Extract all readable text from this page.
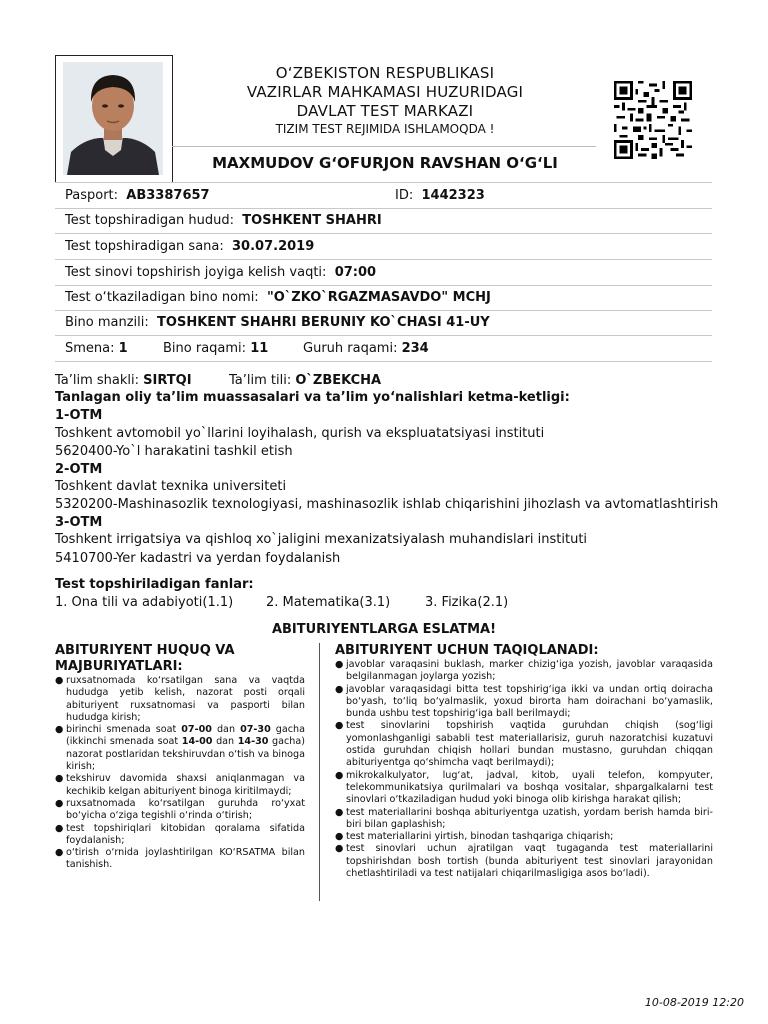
O‘ZBEKISTON RESPUBLIKASI
VAZIRLAR MAHKAMASI HUZURIDAGI
DAVLAT TEST MARKAZI
TIZIM TEST REJIMIDA ISHLAMOQDA !
MAXMUDOV G‘OFURJON RAVSHAN O‘G‘LI
Pasport: AB3387657	ID: 1442323
Test topshiradigan hudud: TOSHKENT SHAHRI
Test topshiradigan sana: 30.07.2019
Test sinovi topshirish joyiga kelish vaqti: 07:00
Test o‘tkaziladigan bino nomi: "O`ZKO`RGAZMASAVDO" MCHJ
Bino manzili: TOSHKENT SHAHRI BERUNIY KO`CHASI 41-UY
Smena: 1	Bino raqami: 11	Guruh raqami: 234
Ta’lim shakli: SIRTQI	Ta’lim tili: O`ZBEKCHA
Tanlagan oliy ta’lim muassasalari va ta’lim yo‘nalishlari ketma-ketligi:
1-OTM
Toshkent avtomobil yo`llarini loyihalash, qurish va ekspluatatsiyasi instituti
5620400-Yo`l harakatini tashkil etish
2-OTM
Toshkent davlat texnika universiteti
5320200-Mashinasozlik texnologiyasi, mashinasozlik ishlab chiqarishini jihozlash va avtomatlashtirish
3-OTM
Toshkent irrigatsiya va qishloq xo`jaligini mexanizatsiyalash muhandislari instituti
5410700-Yer kadastri va yerdan foydalanish
Test topshiriladigan fanlar:
1. Ona tili va adabiyoti(1.1)	2. Matematika(3.1)	3. Fizika(2.1)
ABITURIYENTLARGA ESLATMA!
ABITURIYENT HUQUQ VA MAJBURIYATLARI:
● ruxsatnomada ko‘rsatilgan sana va vaqtda hududga yetib kelish, nazorat posti orqali abituriyent ruxsatnomasi va pasporti bilan hududga kirish;
● birinchi smenada soat 07-00 dan 07-30 gacha (ikkinchi smenada soat 14-00 dan 14-30 gacha) nazorat postlaridan tekshiruvdan o‘tish va binoga kirish;
● tekshiruv davomida shaxsi aniqlanmagan va kechikib kelgan abituriyent binoga kiritilmaydi;
● ruxsatnomada ko‘rsatilgan guruhda ro‘yxat bo‘yicha o‘ziga tegishli o‘rinda o‘tirish;
● test topshiriqlari kitobidan qoralama sifatida foydalanish;
● o‘tirish o‘rnida joylashtirilgan KO‘RSATMA bilan tanishish.
ABITURIYENT UCHUN TAQIQLANADI:
● javoblar varaqasini buklash, marker chizig‘iga yozish, javoblar varaqasida belgilanmagan joylarga yozish;
● javoblar varaqasidagi bitta test topshirig‘iga ikki va undan ortiq doiracha bo‘yash, to‘liq bo‘yalmaslik, yoxud birorta ham doirachani bo‘yamaslik, bunda ushbu test topshirig‘iga ball berilmaydi;
● test sinovlarini topshirish vaqtida guruhdan chiqish (sog‘ligi yomonlashganligi sababli test materiallarisiz, guruh nazoratchisi kuzatuvi ostida guruhdan chiqish hollari bundan mustasno, guruhdan chiqqan abituriyentga qo‘shimcha vaqt berilmaydi);
● mikrokalkulyator, lug‘at, jadval, kitob, uyali telefon, kompyuter, telekommunikatsiya qurilmalari va boshqa vositalar, shpargalkalarni test sinovlari o‘tkaziladigan hudud yoki binoga olib kirishga harakat qilish;
● test materiallarini boshqa abituriyentga uzatish, yordam berish hamda biri-biri bilan gaplashish;
● test materiallarini yirtish, binodan tashqariga chiqarish;
● test sinovlari uchun ajratilgan vaqt tugaganda test materiallarini topshirishdan bosh tortish (bunda abituriyent test sinovlari jarayonidan chetlashtiriladi va test natijalari chiqarilmasligiga asos bo‘ladi).
10-08-2019 12:20
